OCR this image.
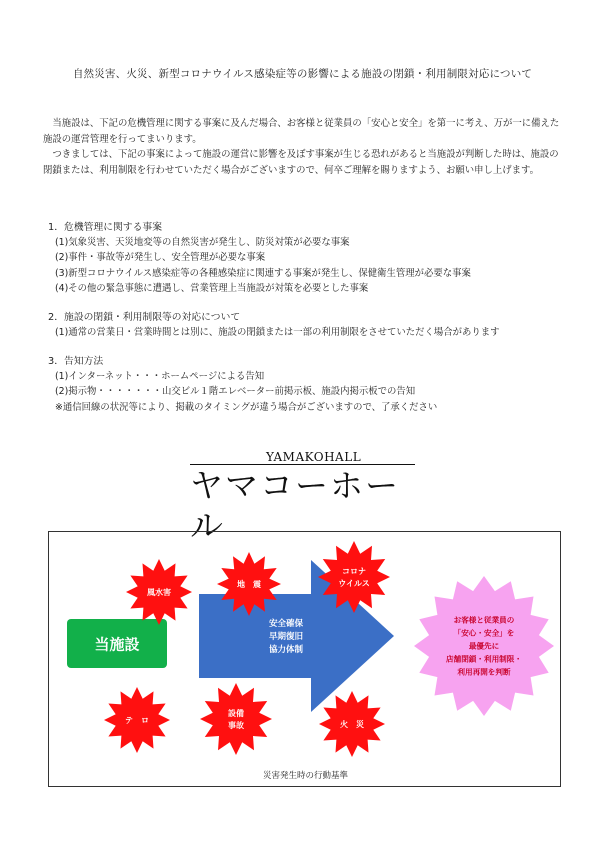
自然災害、火災、新型コロナウイルス感染症等の影響による施設の閉鎖・利用制限対応について

当施設は、下記の危機管理に関する事案に及んだ場合、お客様と従業員の「安心と安全」を第一に考え、万が一に備えた施設の運営管理を行ってまいります。

つきましては、下記の事案によって施設の運営に影響を及ぼす事案が生じる恐れがあると当施設が判断した時は、施設の閉鎖または、利用制限を行わせていただく場合がございますので、何卒ご理解を賜りますよう、お願い申し上げます。

1．危機管理に関する事案
(1)気象災害、天災地変等の自然災害が発生し、防災対策が必要な事案
(2)事件・事故等が発生し、安全管理が必要な事案
(3)新型コロナウイルス感染症等の各種感染症に関連する事案が発生し、保健衛生管理が必要な事案
(4)その他の緊急事態に遭遇し、営業管理上当施設が対策を必要とした事案
2．施設の閉鎖・利用制限等の対応について
(1)通常の営業日・営業時間とは別に、施設の閉鎖または一部の利用制限をさせていただく場合があります
3．告知方法
(1)インターネット・・・ホームページによる告知
(2)掲示物・・・・・・・山交ビル１階エレベーター前掲示板、施設内掲示板での告知
※通信回線の状況等により、掲載のタイミングが違う場合がございますので、了承ください
YAMAKOHALL
ヤマコーホール
安全確保
早期復旧
協力体制
当施設
風水害
地　震
コロナ
ウイルス
テ　ロ
設備
事故	火　災
お客様と従業員の
「安心・安全」を
最優先に
店舗閉鎖・利用制限・
利用再開を判断
災害発生時の行動基準
